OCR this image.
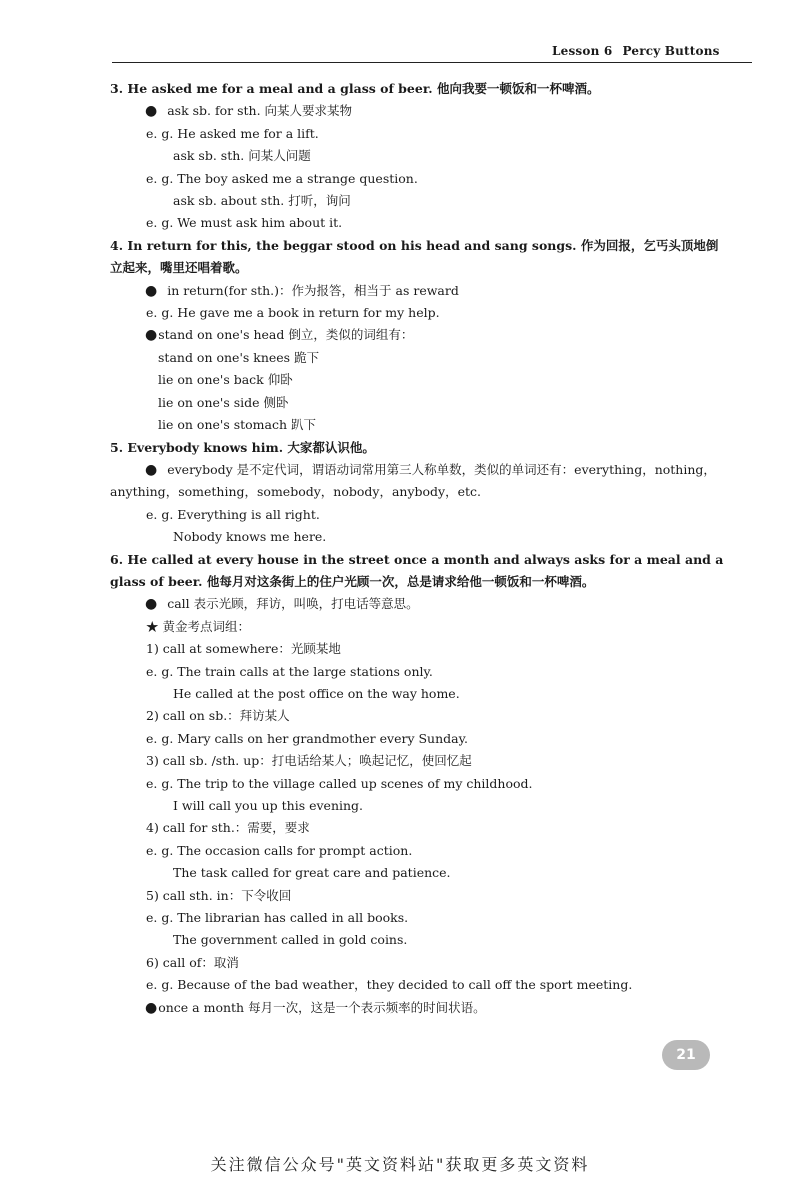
Lesson 6 Percy Buttons
3. He asked me for a meal and a glass of beer. 他向我要一顿饭和一杯啤酒。
● ask sb. for sth. 向某人要求某物
e. g. He asked me for a lift.
ask sb. sth. 问某人问题
e. g. The boy asked me a strange question.
ask sb. about sth. 打听，询问
e. g. We must ask him about it.
4. In return for this, the beggar stood on his head and sang songs. 作为回报，乞丐头顶地倒立起来，嘴里还唱着歌。
● in return(for sth.)：作为报答，相当于 as reward
e. g. He gave me a book in return for my help.
●stand on one's head 倒立，类似的词组有：
stand on one's knees 跪下
lie on one's back 仰卧
lie on one's side 侧卧
lie on one's stomach 趴下
5. Everybody knows him. 大家都认识他。
● everybody 是不定代词，谓语动词常用第三人称单数，类似的单词还有：everything，nothing，anything，something，somebody，nobody，anybody，etc.
e. g. Everything is all right.
Nobody knows me here.
6. He called at every house in the street once a month and always asks for a meal and a glass of beer. 他每月对这条街上的住户光顾一次，总是请求给他一顿饭和一杯啤酒。
● call 表示光顾，拜访，叫唤，打电话等意思。
★ 黄金考点词组：
1) call at somewhere：光顾某地
e. g. The train calls at the large stations only.
He called at the post office on the way home.
2) call on sb.：拜访某人
e. g. Mary calls on her grandmother every Sunday.
3) call sb. /sth. up：打电话给某人；唤起记忆，使回忆起
e. g. The trip to the village called up scenes of my childhood.
I will call you up this evening.
4) call for sth.：需要，要求
e. g. The occasion calls for prompt action.
The task called for great care and patience.
5) call sth. in：下令收回
e. g. The librarian has called in all books.
The government called in gold coins.
6) call of：取消
e. g. Because of the bad weather，they decided to call off the sport meeting.
●once a month 每月一次，这是一个表示频率的时间状语。
21
关注微信公众号"英文资料站"获取更多英文资料
